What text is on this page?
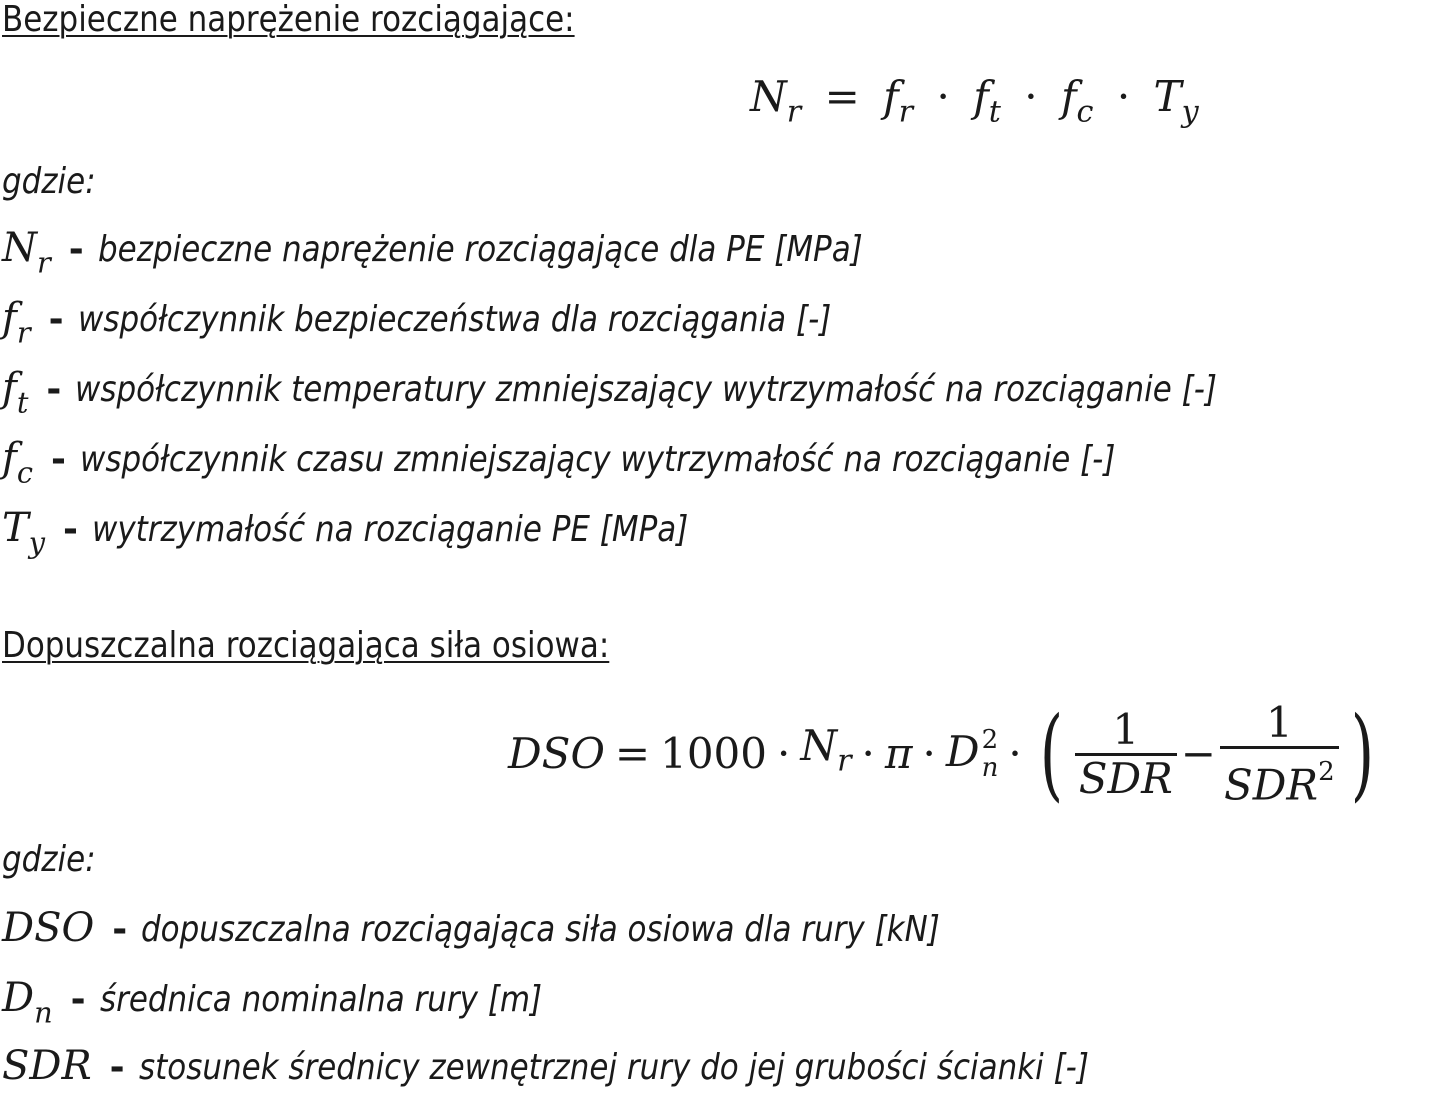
Bezpieczne naprężenie rozciągające:
$N_r = f_r \cdot f_t \cdot f_c \cdot T_y$
gdzie:
$N_r$ - bezpieczne naprężenie rozciągające dla PE [MPa]
$f_r$ - współczynnik bezpieczeństwa dla rozciągania [-]
$f_t$ - współczynnik temperatury zmniejszający wytrzymałość na rozciąganie [-]
$f_c$ - współczynnik czasu zmniejszający wytrzymałość na rozciąganie [-]
$T_y$ - wytrzymałość na rozciąganie PE [MPa]
Dopuszczalna rozciągająca siła osiowa:
DSO = $1000 \cdot N_r \cdot \pi \cdot D$ 2
n · ( $\frac{1}{\text{SDR}} - \frac{1}{SDR^2}$ )
gdzie:
DSO - dopuszczalna rozciągająca siła osiowa dla rury [kN]
$D_n$ - średnica nominalna rury [m]
SDR - stosunek średnicy zewnętrznej rury do jej grubości ścianki [-]
